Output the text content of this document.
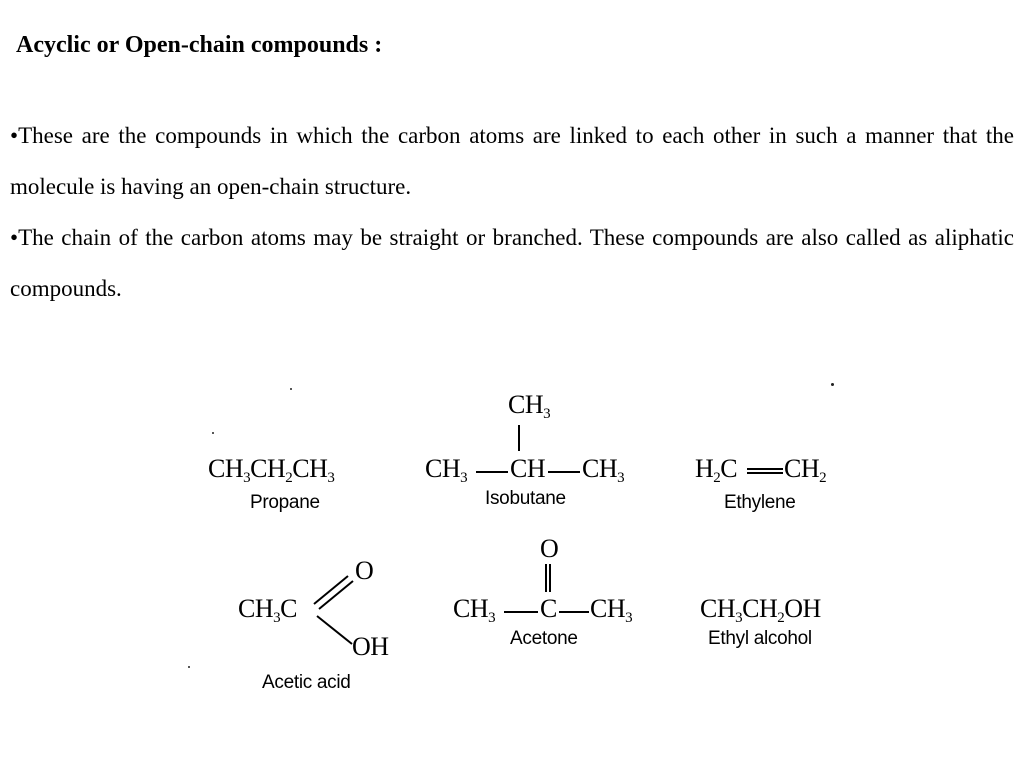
Acyclic or Open-chain compounds :
• These are the compounds in which the carbon atoms are linked to each other in such a manner that the molecule is having an open-chain structure.
• The chain of the carbon atoms may be straight or branched. These compounds are also called as aliphatic compounds.
$CH_3CH_2CH_3$
Propane
$CH_3$
$CH_3$ CH $CH_3$
Isobutane
$H_2C$ $CH_2$
Ethylene
$CH_3C$
O
OH
Acetic acid
O
$CH_3$ C $CH_3$
Acetone
$CH_3CH_2OH$
Ethyl alcohol
